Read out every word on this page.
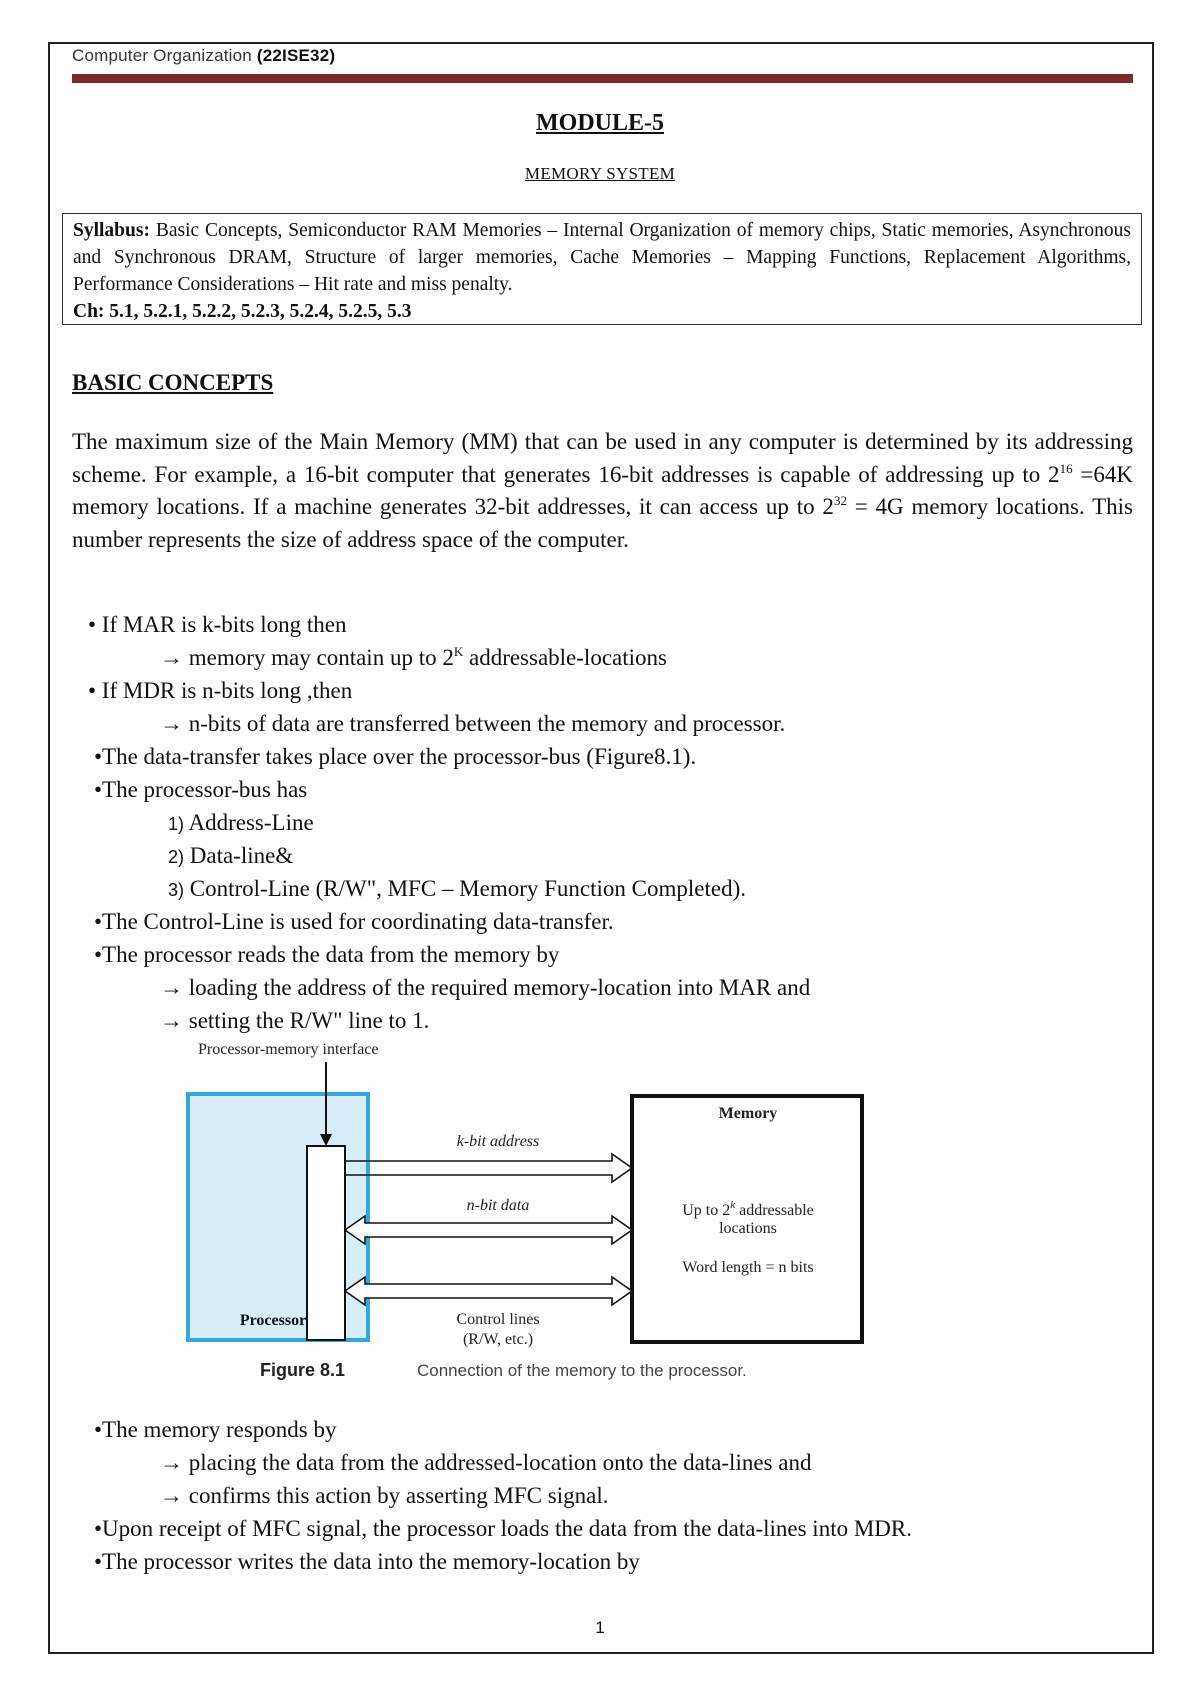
Computer Organization (22ISE32)
MODULE-5
MEMORY SYSTEM
Syllabus: Basic Concepts, Semiconductor RAM Memories – Internal Organization of memory chips, Static memories, Asynchronous and Synchronous DRAM, Structure of larger memories, Cache Memories – Mapping Functions, Replacement Algorithms, Performance Considerations – Hit rate and miss penalty.
Ch: 5.1, 5.2.1, 5.2.2, 5.2.3, 5.2.4, 5.2.5, 5.3
BASIC CONCEPTS
The maximum size of the Main Memory (MM) that can be used in any computer is determined by its addressing scheme. For example, a 16-bit computer that generates 16-bit addresses is capable of addressing up to $2^{16} =64K$ memory locations. If a machine generates 32-bit addresses, it can access up to $2^{32} = 4G$ memory locations. This number represents the size of address space of the computer.
• If MAR is k-bits long then
→ memory may contain up to $2^K$ addressable-locations
• If MDR is n-bits long ,then
→ n-bits of data are transferred between the memory and processor.
•The data-transfer takes place over the processor-bus (Figure8.1).
•The processor-bus has
1) Address-Line
2) Data-line&
3) Control-Line (R/W", MFC – Memory Function Completed).
•The Control-Line is used for coordinating data-transfer.
•The processor reads the data from the memory by
→ loading the address of the required memory-location into MAR and
→ setting the R/W" line to 1.
Processor
Processor-memory interface
Memory
Up to 2$^k$ addressable
locations
Word length = n bits
k-bit address
n-bit data
Control lines
(R/W, etc.)
Figure 8.1	Connection of the memory to the processor.
•The memory responds by
→ placing the data from the addressed-location onto the data-lines and
→ confirms this action by asserting MFC signal.
•Upon receipt of MFC signal, the processor loads the data from the data-lines into MDR.
•The processor writes the data into the memory-location by
1
